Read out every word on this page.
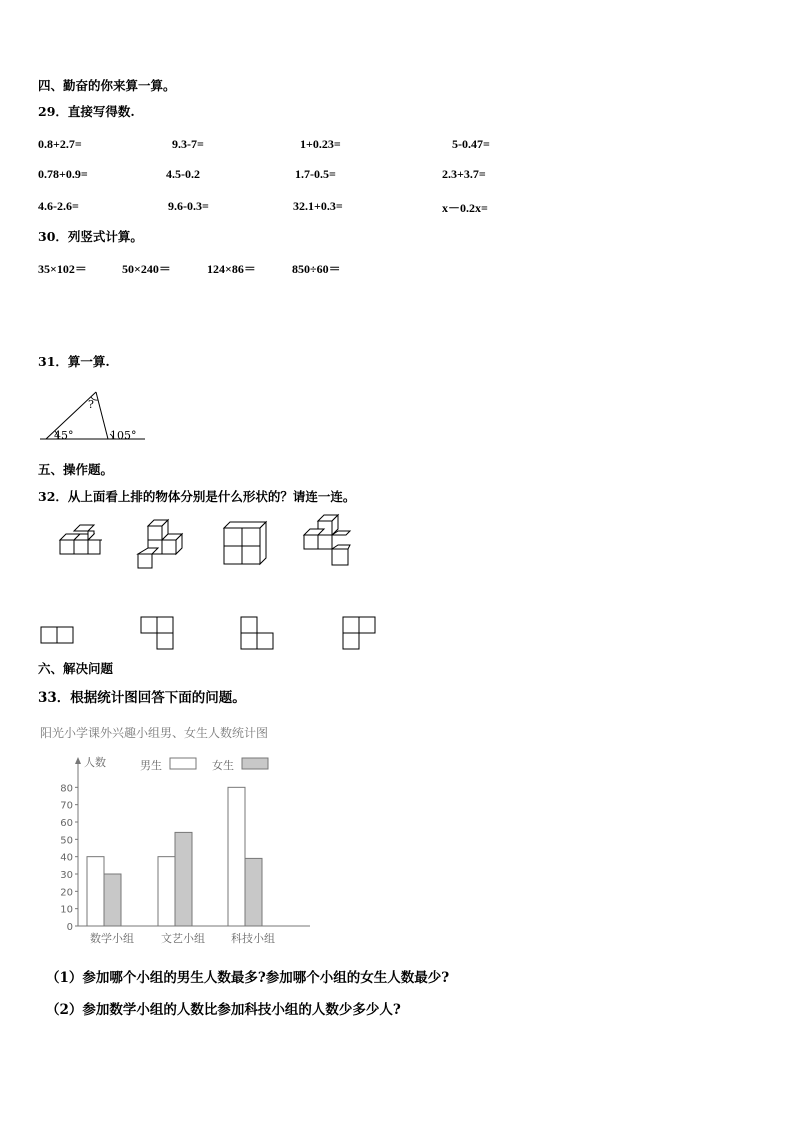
四、勤奋的你来算一算。
29．直接写得数.
0.8+2.7=	9.3-7=	1+0.23=	5-0.47=
0.78+0.9=	4.5-0.2	1.7-0.5=	2.3+3.7=
4.6-2.6=	9.6-0.3=	32.1+0.3=	x－0.2x=
30．列竖式计算。
35×102＝	50×240＝	124×86＝	850÷60＝
31．算一算.
?
45°	105°
五、操作题。
32．从上面看上排的物体分别是什么形状的？请连一连。
六、解决问题
33．根据统计图回答下面的问题。
阳光小学课外兴趣小组男、女生人数统计图
人数
0
10
20
30
40
50
60
70
80
数学小组 文艺小组 科技小组
男生	女生
（1）参加哪个小组的男生人数最多?参加哪个小组的女生人数最少?
（2）参加数学小组的人数比参加科技小组的人数少多少人?
